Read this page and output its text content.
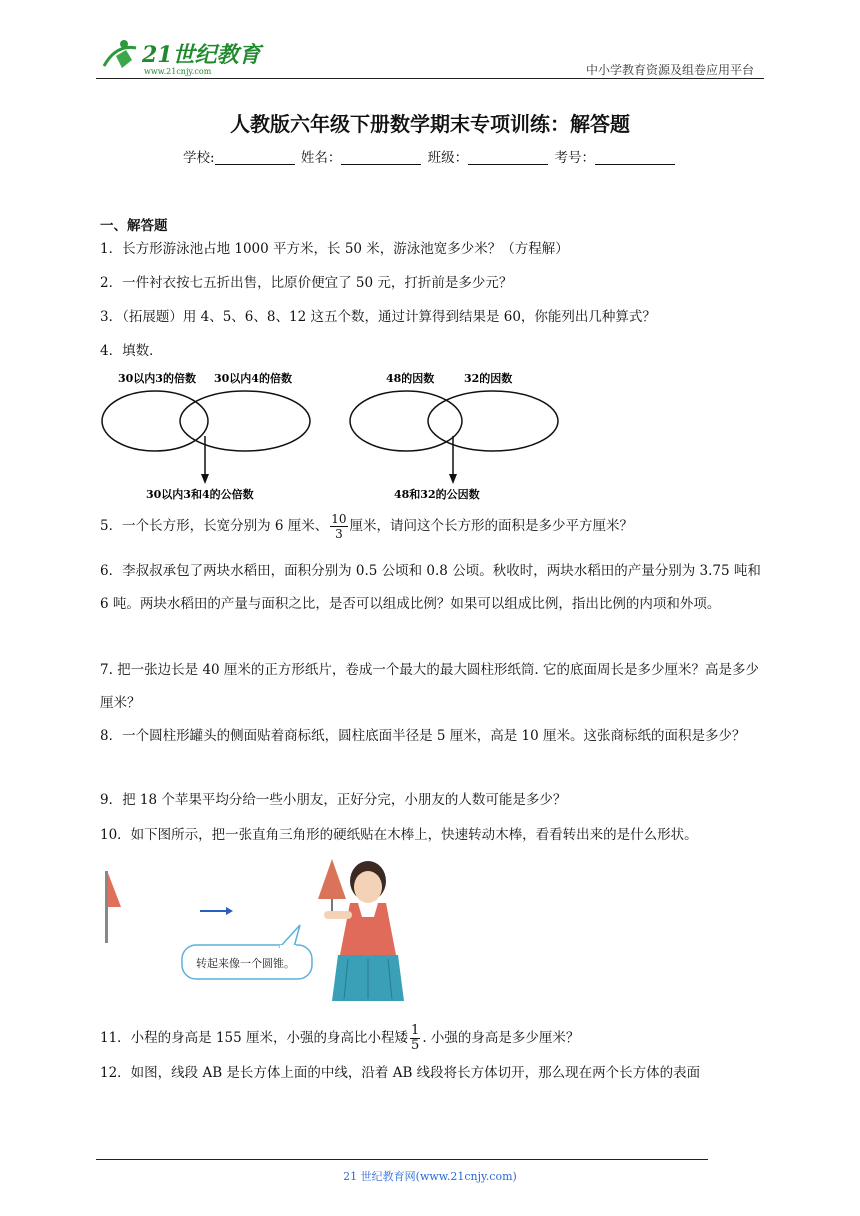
21世纪教育
www.21cnjy.com	中小学教育资源及组卷应用平台
人教版六年级下册数学期末专项训练：解答题
学校:	姓名：	班级：	考号：
一、解答题
1．长方形游泳池占地 1000 平方米，长 50 米，游泳池宽多少米？（方程解）
2．一件衬衣按七五折出售，比原价便宜了 50 元，打折前是多少元？
3．（拓展题）用 4、5、6、8、12 这五个数，通过计算得到结果是 60，你能列出几种算式？
4．填数．
30以内3的倍数 30以内4的倍数
30以内3和4的公倍数
48的因数	32的因数
48和32的公因数
5．一个长方形，长宽分别为 6 厘米、 $\frac{10}{3}$ 厘米，请问这个长方形的面积是多少平方厘米？
6．李叔叔承包了两块水稻田，面积分别为 0.5 公顷和 0.8 公顷。秋收时，两块水稻田的产量分别为 3.75 吨和 6 吨。两块水稻田的产量与面积之比，是否可以组成比例？如果可以组成比例，指出比例的内项和外项。
7. 把一张边长是 40 厘米的正方形纸片，卷成一个最大的最大圆柱形纸筒. 它的底面周长是多少厘米？高是多少厘米？
8．一个圆柱形罐头的侧面贴着商标纸，圆柱底面半径是 5 厘米，高是 10 厘米。这张商标纸的面积是多少？
9．把 18 个苹果平均分给一些小朋友，正好分完，小朋友的人数可能是多少？
10．如下图所示，把一张直角三角形的硬纸贴在木棒上，快速转动木棒，看看转出来的是什么形状。
转起来像一个圆锥。
11．小程的身高是 155 厘米，小强的身高比小程矮 $\frac{1}{5}$ . 小强的身高是多少厘米？
12．如图，线段 AB 是长方体上面的中线，沿着 AB 线段将长方体切开，那么现在两个长方体的表面
21 世纪教育网(www.21cnjy.com)
